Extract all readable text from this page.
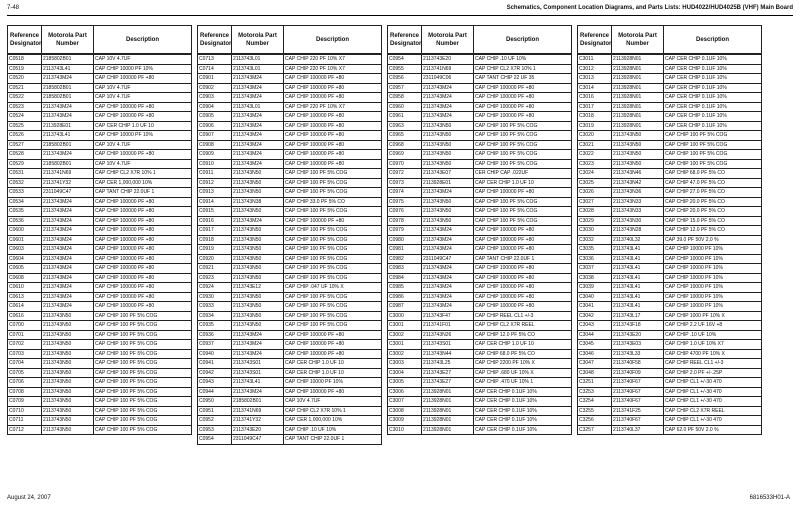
7-48	Schematics, Component Location Diagrams, and Parts Lists: HUD4022/HUD4025B (VHF) Main Board
Reference Designator	Motorola Part Number	Description
C0518	2185802B01	CAP 10V 4.7UF
C0519	2113743L41	CAP CHIP 10000 PF 10%
C0520	2113743M24	CAP CHIP 100000 PF +80
C0521	2185802B01	CAP 10V 4.7UF
C0522	2185802B01	CAP 10V 4.7UF
C0523	2113743M24	CAP CHIP 100000 PF +80
C0524	2113743M24	CAP CHIP 100000 PF +80
C0525	2113928E01	CAP CER CHIP 1.0 UF 10
C0526	2113743L41	CAP CHIP 10000 PF 10%
C0527	2185802B01	CAP 10V 4.7UF
C0528	2113743M24	CAP CHIP 100000 PF +80
C0529	2185802B01	CAP 10V 4.7UF
C0531	2113741N69	CAP CHIP CL2 X7R 10% 1
C0532	2113741Y32	CAP CER 1,000,000 10%
C0533	2311049C47	CAP TANT CHIP 22.0UF 1
C0534	2113743M24	CAP CHIP 100000 PF +80
C0535	2113743M24	CAP CHIP 100000 PF +80
C0536	2113743M24	CAP CHIP 100000 PF +80
C0600	2113743M24	CAP CHIP 100000 PF +80
C0601	2113743M24	CAP CHIP 100000 PF +80
C0603	2113743M24	CAP CHIP 100000 PF +80
C0604	2113743M24	CAP CHIP 100000 PF +80
C0605	2113743M24	CAP CHIP 100000 PF +80
C0608	2113743M24	CAP CHIP 100000 PF +80
C0610	2113743M24	CAP CHIP 100000 PF +80
C0613	2113743M24	CAP CHIP 100000 PF +80
C0614	2113743M24	CAP CHIP 100000 PF +80
C0616	2113743N50	CAP CHIP 100 PF 5% COG
C0700	2113743N50	CAP CHIP 100 PF 5% COG
C0701	2113743N50	CAP CHIP 100 PF 5% COG
C0702	2113743N50	CAP CHIP 100 PF 5% COG
C0703	2113743N50	CAP CHIP 100 PF 5% COG
C0704	2113743N50	CAP CHIP 100 PF 5% COG
C0705	2113743N50	CAP CHIP 100 PF 5% COG
C0706	2113743N50	CAP CHIP 100 PF 5% COG
C0708	2113743N50	CAP CHIP 100 PF 5% COG
C0709	2113743N50	CAP CHIP 100 PF 5% COG
C0710	2113743N50	CAP CHIP 100 PF 5% COG
C0711	2113743N50	CAP CHIP 100 PF 5% COG
C0712	2113743N50	CAP CHIP 100 PF 5% COG
Reference Designator	Motorola Part Number	Description
C0713	2113743L01	CAP CHIP 220 PF 10% X7
C0714	2113743L01	CAP CHIP 220 PF 10% X7
C0901	2113743M24	CAP CHIP 100000 PF +80
C0902	2113743M24	CAP CHIP 100000 PF +80
C0903	2113743M24	CAP CHIP 100000 PF +80
C0904	2113743L01	CAP CHIP 220 PF 10% X7
C0905	2113743M24	CAP CHIP 100000 PF +80
C0906	2113743M24	CAP CHIP 100000 PF +80
C0907	2113743M24	CAP CHIP 100000 PF +80
C0908	2113743M24	CAP CHIP 100000 PF +80
C0909	2113743M24	CAP CHIP 100000 PF +80
C0910	2113743M24	CAP CHIP 100000 PF +80
C0911	2113743N50	CAP CHIP 100 PF 5% COG
C0912	2113743N50	CAP CHIP 100 PF 5% COG
C0913	2113743N50	CAP CHIP 100 PF 5% COG
C0914	2113743N38	CAP CHIP 33.0 PF 5% CO
C0915	2113743N50	CAP CHIP 100 PF 5% COG
C0916	2113743M24	CAP CHIP 100000 PF +80
C0917	2113743N50	CAP CHIP 100 PF 5% COG
C0918	2113743N50	CAP CHIP 100 PF 5% COG
C0919	2113743N50	CAP CHIP 100 PF 5% COG
C0920	2113743N50	CAP CHIP 100 PF 5% COG
C0921	2113743N50	CAP CHIP 100 PF 5% COG
C0923	2113743N50	CAP CHIP 100 PF 5% COG
C0924	2113743E12	CAP CHIP .047 UF 10% X
C0930	2113743N50	CAP CHIP 100 PF 5% COG
C0933	2113743N50	CAP CHIP 100 PF 5% COG
C0934	2113743N50	CAP CHIP 100 PF 5% COG
C0935	2113743N50	CAP CHIP 100 PF 5% COG
C0936	2113743M24	CAP CHIP 100000 PF +80
C0937	2113743M24	CAP CHIP 100000 PF +80
C0940	2113743M24	CAP CHIP 100000 PF +80
C0941	2113743S01	CAP CER CHIP 1.0 UF 10
C0942	2113743S01	CAP CER CHIP 1.0 UF 10
C0943	2113743L41	CAP CHIP 10000 PF 10%
C0944	2113743M24	CAP CHIP 100000 PF +80
C0950	2185802B01	CAP 10V 4.7UF
C0951	2113741N69	CAP CHIP CL2 X7R 10% 1
C0952	2113741Y32	CAP CER 1,000,000 10%
C0953	2113743E20	CAP CHIP .10 UF 10%
C0954	2311049C47	CAP TANT CHIP 22.0UF 1
Reference Designator	Motorola Part Number	Description
C0954	2113743E20	CAP CHIP .10 UF 10%
C0955	2113741N69	CAP CHIP CL2 X7R 10% 1
C0956	2311049C06	CAP TANT CHIP 22 UF 35
C0957	2113743M24	CAP CHIP 100000 PF +80
C0958	2113743M24	CAP CHIP 100000 PF +80
C0960	2113743M24	CAP CHIP 100000 PF +80
C0961	2113743M24	CAP CHIP 100000 PF +80
C0963	2113743N50	CAP CHIP 100 PF 5% COG
C0965	2113743N50	CAP CHIP 100 PF 5% COG
C0968	2113743N50	CAP CHIP 100 PF 5% COG
C0969	2113743N50	CAP CHIP 100 PF 5% COG
C0970	2113743N50	CAP CHIP 100 PF 5% COG
C0972	2113743E07	CER CHIP CAP .022UF
C0973	2113928E01	CAP CER CHIP 1.0 UF 10
C0974	2113743M24	CAP CHIP 100000 PF +80
C0975	2113743N50	CAP CHIP 100 PF 5% COG
C0976	2113743N50	CAP CHIP 100 PF 5% COG
C0978	2113743N50	CAP CHIP 100 PF 5% COG
C0979	2113743M24	CAP CHIP 100000 PF +80
C0980	2113743M24	CAP CHIP 100000 PF +80
C0981	2113743M24	CAP CHIP 100000 PF +80
C0982	2311049C47	CAP TANT CHIP 22.0UF 1
C0983	2113743M24	CAP CHIP 100000 PF +80
C0984	2113743M24	CAP CHIP 100000 PF +80
C0985	2113743M24	CAP CHIP 100000 PF +80
C0986	2113743M24	CAP CHIP 100000 PF +80
C0987	2113743M24	CAP CHIP 100000 PF +80
C3000	2113743F47	CAP CHIP REEL CL1 +/-3
C3001	2113741F01	CAP CHIP CL2 X7R REEL
C3002	2113743N26	CAP CHIP 12.0 PF 5% CO
C3001	2113743S01	CAP CER CHIP 1.0 UF 10
C3002	2113743N44	CAP CHIP 68.0 PF 5% CO
C3003	2113743L25	CAP CHIP 2200 PF 10% X
C3004	2113743E27	CAP CHIP .680 UF 10% X
C3005	2113743E27	CAP CHIP .470 UF 10% 1
C3006	2113928N01	CAP CER CHIP 0.1UF 10%
C3007	2113928N01	CAP CER CHIP 0.1UF 10%
C3008	2113928N01	CAP CER CHIP 0.1UF 10%
C3009	2113928N01	CAP CER CHIP 0.1UF 10%
C3010	2113928N01	CAP CER CHIP 0.1UF 10%
Reference Designator	Motorola Part Number	Description
C3011	2113928N01	CAP CER CHIP 0.1UF 10%
C3012	2113928N01	CAP CER CHIP 0.1UF 10%
C3013	2113928N01	CAP CER CHIP 0.1UF 10%
C3014	2113928N01	CAP CER CHIP 0.1UF 10%
C3016	2113928N01	CAP CER CHIP 0.1UF 10%
C3017	2113928N01	CAP CER CHIP 0.1UF 10%
C3018	2113928N01	CAP CER CHIP 0.1UF 10%
C3019	2113928N01	CAP CER CHIP 0.1UF 10%
C3020	2113743N50	CAP CHIP 100 PF 5% COG
C3021	2113743N50	CAP CHIP 100 PF 5% COG
C3022	2113743N50	CAP CHIP 100 PF 5% COG
C3023	2113743N50	CAP CHIP 100 PF 5% COG
C3024	2113743N46	CAP CHIP 68.0 PF 5% CO
C3025	2113743N42	CAP CHIP 47.0 PF 5% CO
C3026	2113743N36	CAP CHIP 27.0 PF 5% CO
C3027	2113743N33	CAP CHIP 20.0 PF 5% CO
C3028	2113743N33	CAP CHIP 20.0 PF 5% CO
C3029	2113743N30	CAP CHIP 15.0 PF 5% CO
C3030	2113743N28	CAP CHIP 12.0 PF 5% CO
C3032	2113740L32	CAP 39.0 PF 50V 2.0 %
C3035	2113743L41	CAP CHIP 10000 PF 10%
C3036	2113743L41	CAP CHIP 10000 PF 10%
C3037	2113743L41	CAP CHIP 10000 PF 10%
C3038	2113743L41	CAP CHIP 10000 PF 10%
C3039	2113743L41	CAP CHIP 10000 PF 10%
C3040	2113743L41	CAP CHIP 10000 PF 10%
C3041	2113743L41	CAP CHIP 10000 PF 10%
C3042	2113743L17	CAP CHIP 1000 PF 10% X
C3043	2113743F18	CAP CHIP 2.2 UF 16V +8
C3044	2113743E20	CAP CHIP .10 UF 10%
C3045	2113743E03	CAP CHIP 1.0 UF 10% X7
C3046	2113743L33	CAP CHIP 4700 PF 10% X
C3047	2113740F58	CAP CHIP REEL CL1 +/-3
C3048	2113740F09	CAP CHIP 2.0 PF +/-.25P
C3251	2113740F67	CAP CHIP CL1 +/-30 470
C3253	2113740F67	CAP CHIP CL1 +/-30 470
C3254	2113740F67	CAP CHIP CL1 +/-30 470
C3255	2113741F25	CAP CHIP CL2 X7R REEL
C3256	2113740F67	CAP CHIP CL1 +/-30 470
C3257	2113740L37	CAP 62.0 PF 50V 2.0 %
August 24, 2007	6816533H01-A
